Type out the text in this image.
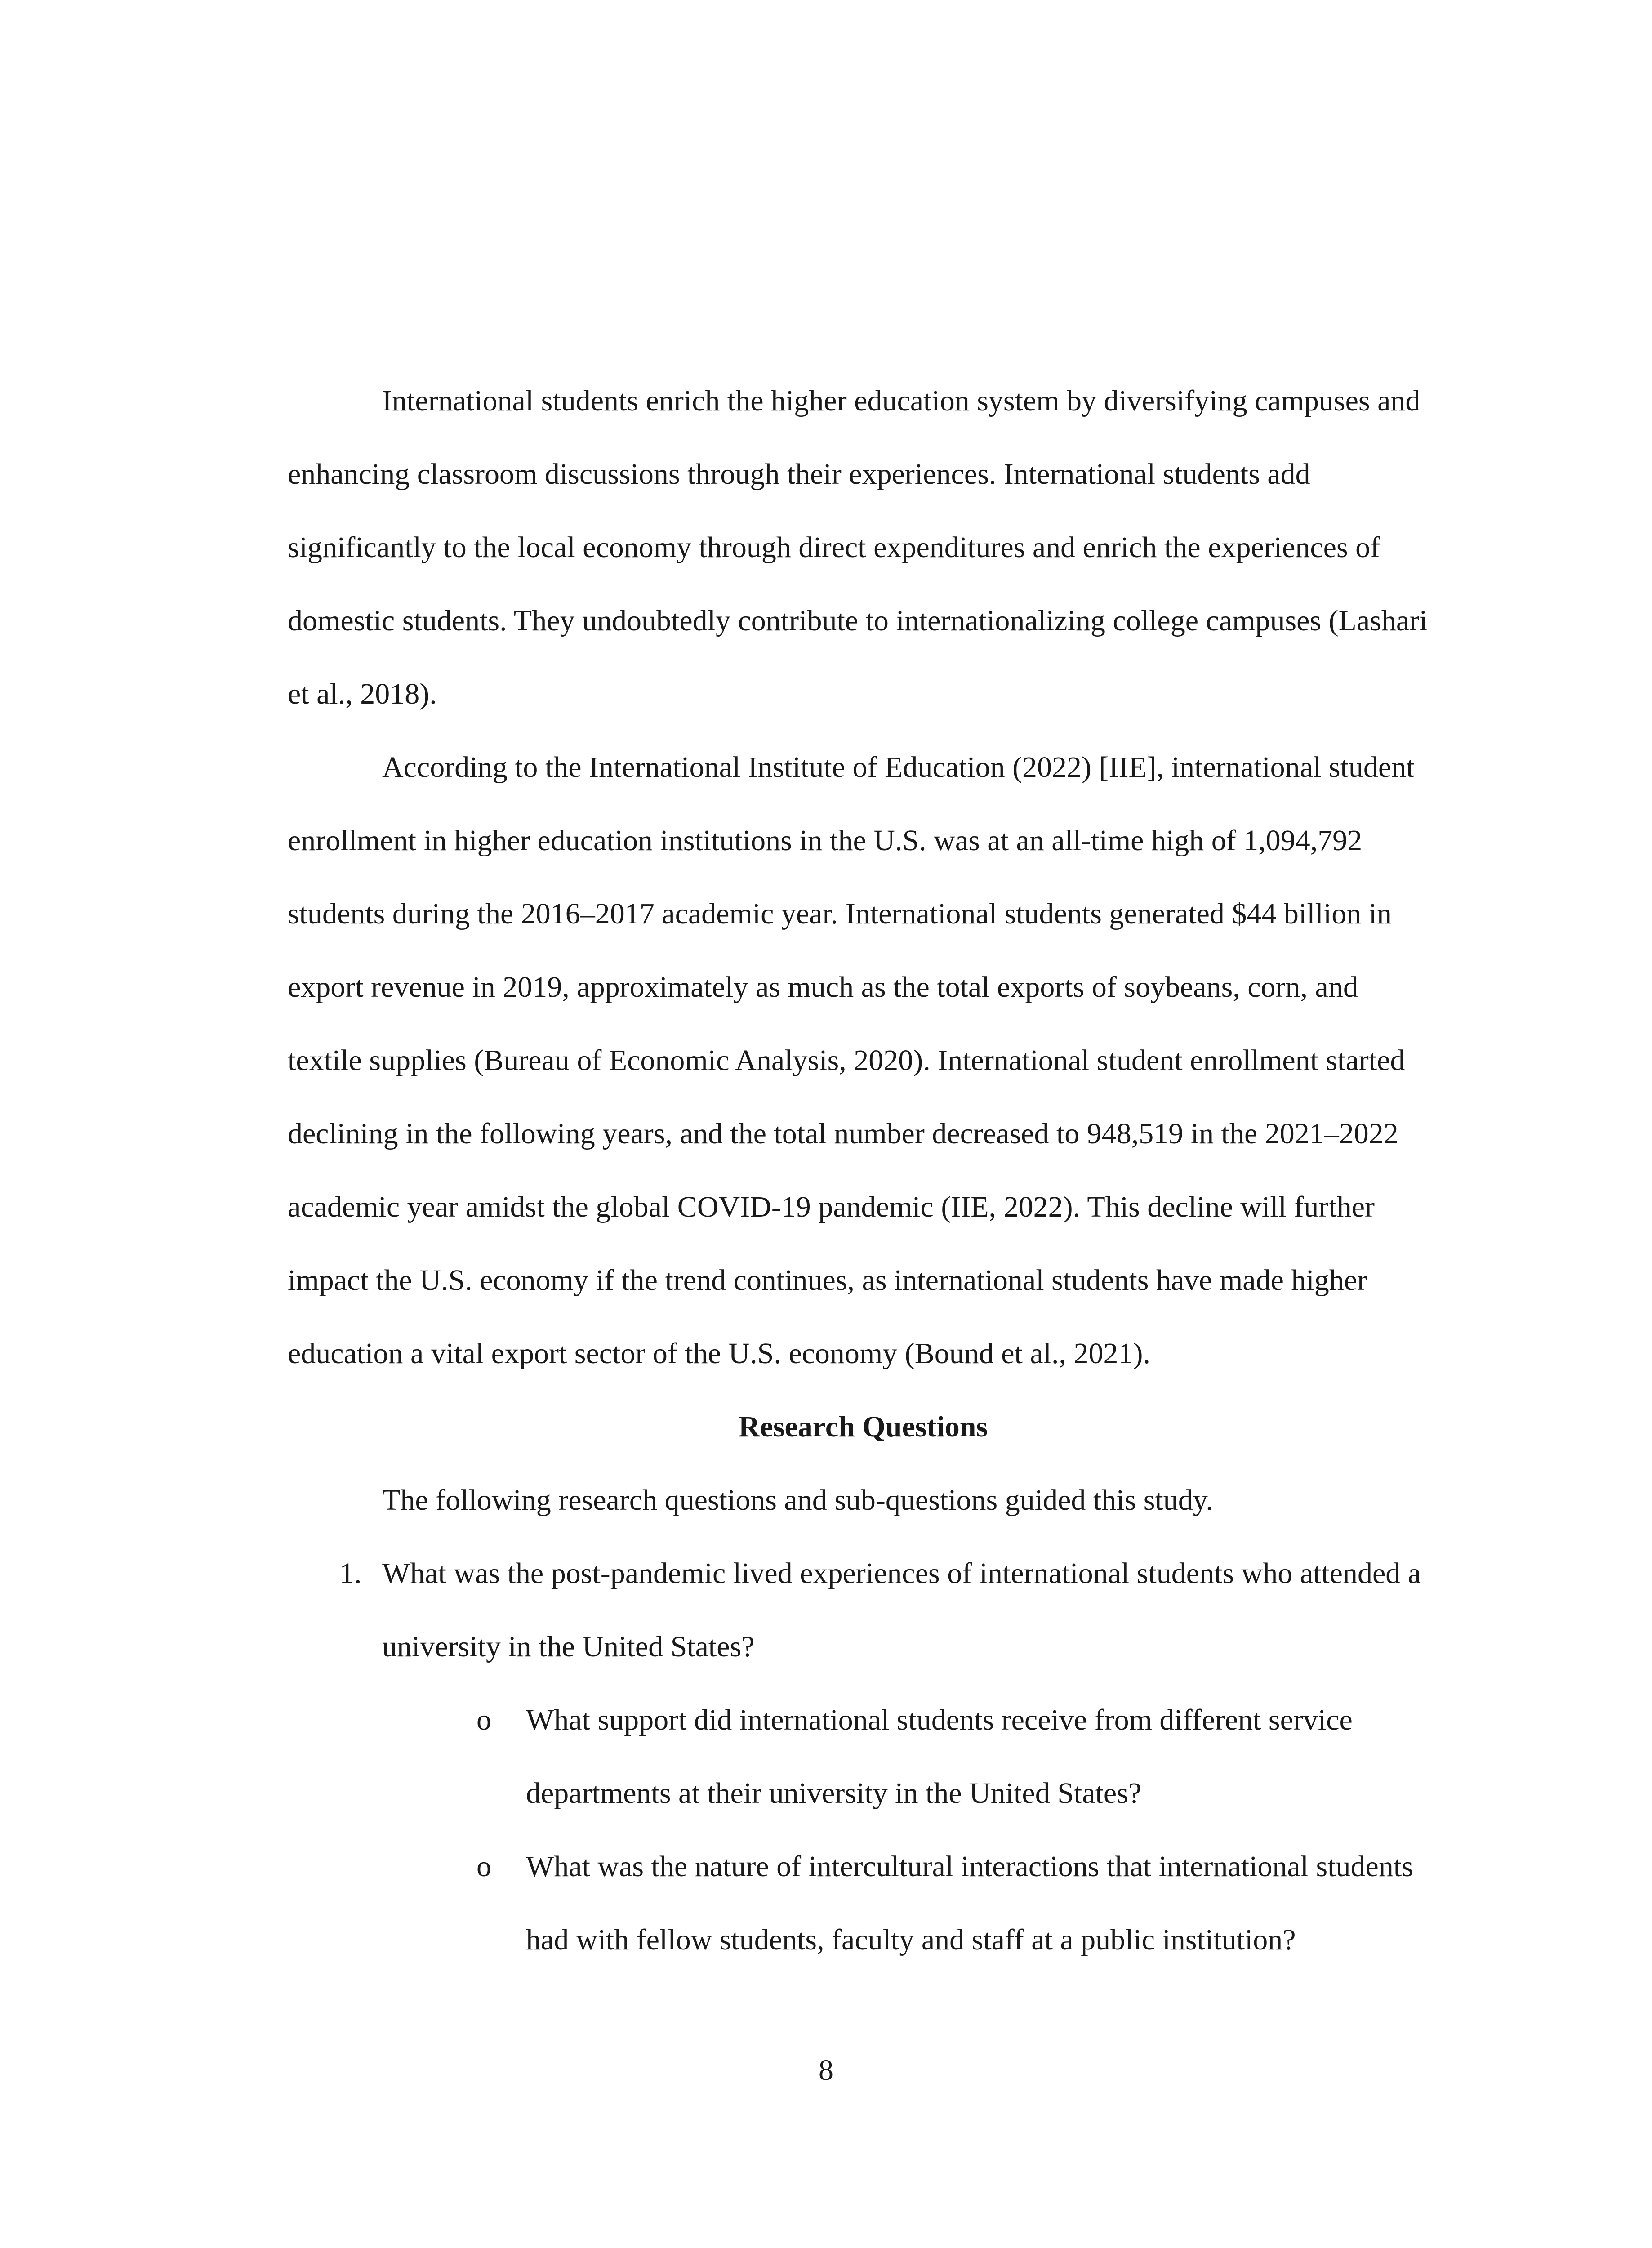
International students enrich the higher education system by diversifying campuses and enhancing classroom discussions through their experiences. International students add significantly to the local economy through direct expenditures and enrich the experiences of domestic students. They undoubtedly contribute to internationalizing college campuses (Lashari et al., 2018).

According to the International Institute of Education (2022) [IIE], international student enrollment in higher education institutions in the U.S. was at an all-time high of 1,094,792 students during the 2016–2017 academic year. International students generated $44 billion in export revenue in 2019, approximately as much as the total exports of soybeans, corn, and textile supplies (Bureau of Economic Analysis, 2020). International student enrollment started declining in the following years, and the total number decreased to 948,519 in the 2021–2022 academic year amidst the global COVID-19 pandemic (IIE, 2022). This decline will further impact the U.S. economy if the trend continues, as international students have made higher education a vital export sector of the U.S. economy (Bound et al., 2021).

Research Questions

The following research questions and sub-questions guided this study.

1. What was the post-pandemic lived experiences of international students who attended a university in the United States?
o What support did international students receive from different service departments at their university in the United States?
o What was the nature of intercultural interactions that international students had with fellow students, faculty and staff at a public institution?
8
